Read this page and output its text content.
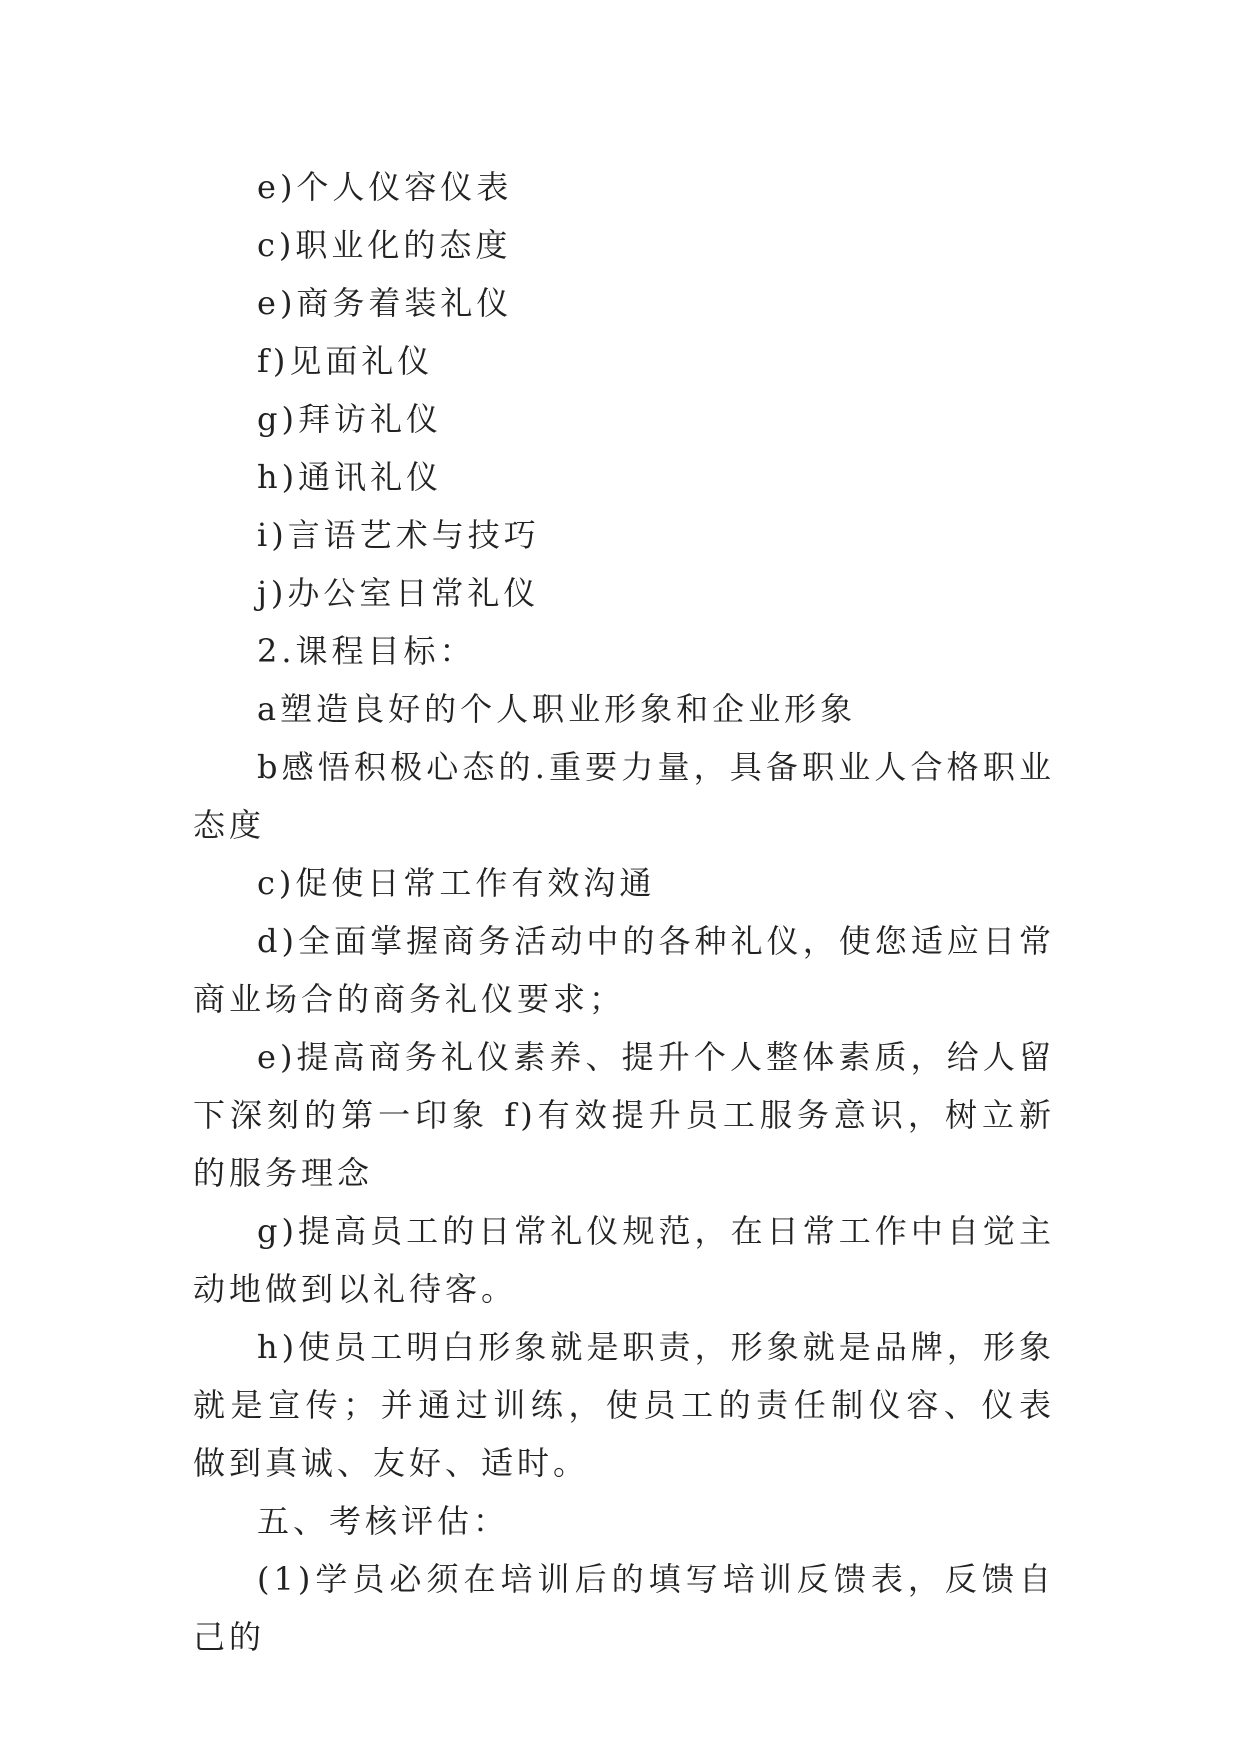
e)个人仪容仪表

c)职业化的态度

e)商务着装礼仪

f)见面礼仪

g)拜访礼仪

h)通讯礼仪

i)言语艺术与技巧

j)办公室日常礼仪

2.课程目标：

a塑造良好的个人职业形象和企业形象

b感悟积极心态的.重要力量，具备职业人合格职业态度

c)促使日常工作有效沟通

d)全面掌握商务活动中的各种礼仪，使您适应日常商业场合的商务礼仪要求；

e)提高商务礼仪素养、提升个人整体素质，给人留下深刻的第一印象 f)有效提升员工服务意识，树立新的服务理念

g)提高员工的日常礼仪规范，在日常工作中自觉主动地做到以礼待客。

h)使员工明白形象就是职责，形象就是品牌，形象就是宣传；并通过训练，使员工的责任制仪容、仪表做到真诚、友好、适时。

五、考核评估：

(1)学员必须在培训后的填写培训反馈表，反馈自己的
